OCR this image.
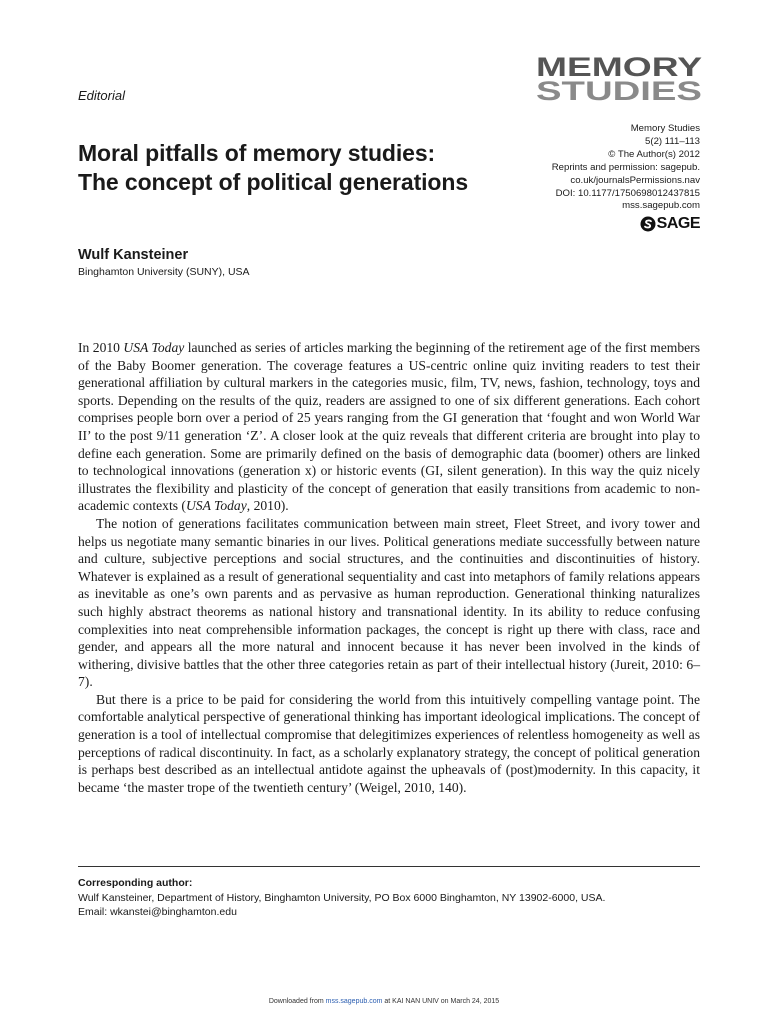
MEMORY
STUDIES
Editorial
Moral pitfalls of memory studies:
The concept of political generations
Memory Studies
5(2) 111–113
© The Author(s) 2012
Reprints and permission: sagepub.
co.uk/journalsPermissions.nav
DOI: 10.1177/1750698012437815
mss.sagepub.com
SAGE
Wulf Kansteiner
Binghamton University (SUNY), USA

In 2010 USA Today launched as series of articles marking the beginning of the retirement age of the first members of the Baby Boomer generation. The coverage features a US-centric online quiz inviting readers to test their generational affiliation by cultural markers in the categories music, film, TV, news, fashion, technology, toys and sports. Depending on the results of the quiz, readers are assigned to one of six different generations. Each cohort comprises people born over a period of 25 years ranging from the GI generation that ‘fought and won World War II’ to the post 9/11 generation ‘Z’. A closer look at the quiz reveals that different criteria are brought into play to define each generation. Some are primarily defined on the basis of demographic data (boomer) others are linked to technological innovations (generation x) or historic events (GI, silent generation). In this way the quiz nicely illustrates the flexibility and plasticity of the concept of generation that easily transitions from academic to non-academic contexts (USA Today, 2010).

The notion of generations facilitates communication between main street, Fleet Street, and ivory tower and helps us negotiate many semantic binaries in our lives. Political generations mediate successfully between nature and culture, subjective perceptions and social structures, and the continuities and discontinuities of history. Whatever is explained as a result of generational sequentiality and cast into metaphors of family relations appears as inevitable as one’s own parents and as pervasive as human reproduction. Generational thinking naturalizes such highly abstract theorems as national history and transnational identity. In its ability to reduce confusing complexities into neat comprehensible information packages, the concept is right up there with class, race and gender, and appears all the more natural and innocent because it has never been involved in the kinds of withering, divisive battles that the other three categories retain as part of their intellectual history (Jureit, 2010: 6–7).

But there is a price to be paid for considering the world from this intuitively compelling vantage point. The comfortable analytical perspective of generational thinking has important ideological implications. The concept of generation is a tool of intellectual compromise that delegitimizes experiences of relentless homogeneity as well as perceptions of radical discontinuity. In fact, as a scholarly explanatory strategy, the concept of political generation is perhaps best described as an intellectual antidote against the upheavals of (post)modernity. In this capacity, it became ‘the master trope of the twentieth century’ (Weigel, 2010, 140).

Corresponding author:
Wulf Kansteiner, Department of History, Binghamton University, PO Box 6000 Binghamton, NY 13902-6000, USA.
Email: wkanstei@binghamton.edu
Downloaded from mss.sagepub.com at KAI NAN UNIV on March 24, 2015
